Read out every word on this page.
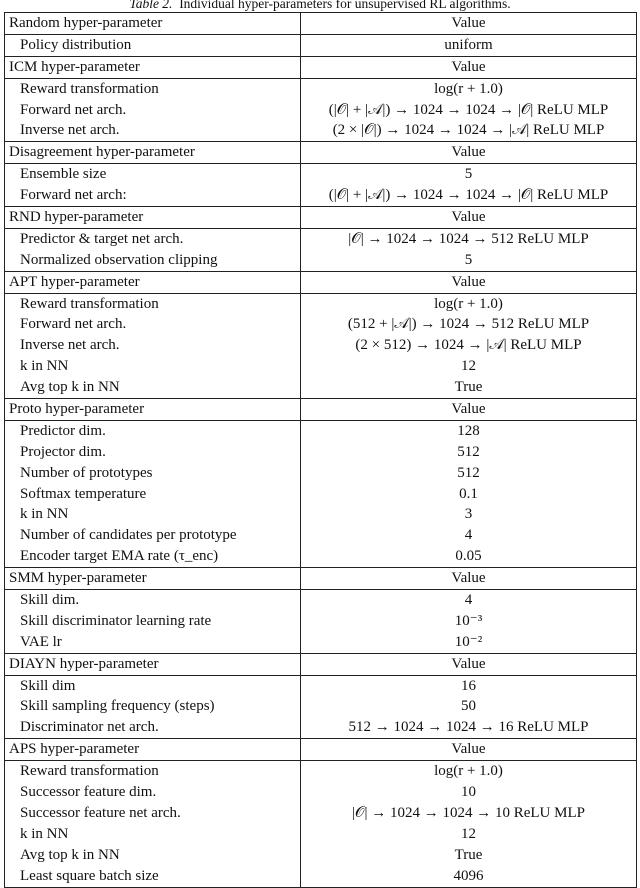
Table 2. Individual hyper-parameters for unsupervised RL algorithms.
Random hyper-parameter	Value
Policy distribution	uniform
ICM hyper-parameter	Value
Reward transformation	log(r + 1.0)
Forward net arch.	(|𝒪| + |𝒜|) → 1024 → 1024 → |𝒪| ReLU MLP
Inverse net arch.	(2 × |𝒪|) → 1024 → 1024 → |𝒜| ReLU MLP
Disagreement hyper-parameter	Value
Ensemble size	5
Forward net arch:	(|𝒪| + |𝒜|) → 1024 → 1024 → |𝒪| ReLU MLP
RND hyper-parameter	Value
Predictor & target net arch.	|𝒪| → 1024 → 1024 → 512 ReLU MLP
Normalized observation clipping	5
APT hyper-parameter	Value
Reward transformation	log(r + 1.0)
Forward net arch.	(512 + |𝒜|) → 1024 → 512 ReLU MLP
Inverse net arch.	(2 × 512) → 1024 → |𝒜| ReLU MLP
k in NN	12
Avg top k in NN	True
Proto hyper-parameter	Value
Predictor dim.	128
Projector dim.	512
Number of prototypes	512
Softmax temperature	0.1
k in NN	3
Number of candidates per prototype	4
Encoder target EMA rate (τ_enc)	0.05
SMM hyper-parameter	Value
Skill dim.	4
Skill discriminator learning rate	10⁻³
VAE lr	10⁻²
DIAYN hyper-parameter	Value
Skill dim	16
Skill sampling frequency (steps)	50
Discriminator net arch.	512 → 1024 → 1024 → 16 ReLU MLP
APS hyper-parameter	Value
Reward transformation	log(r + 1.0)
Successor feature dim.	10
Successor feature net arch.	|𝒪| → 1024 → 1024 → 10 ReLU MLP
k in NN	12
Avg top k in NN	True
Least square batch size	4096
